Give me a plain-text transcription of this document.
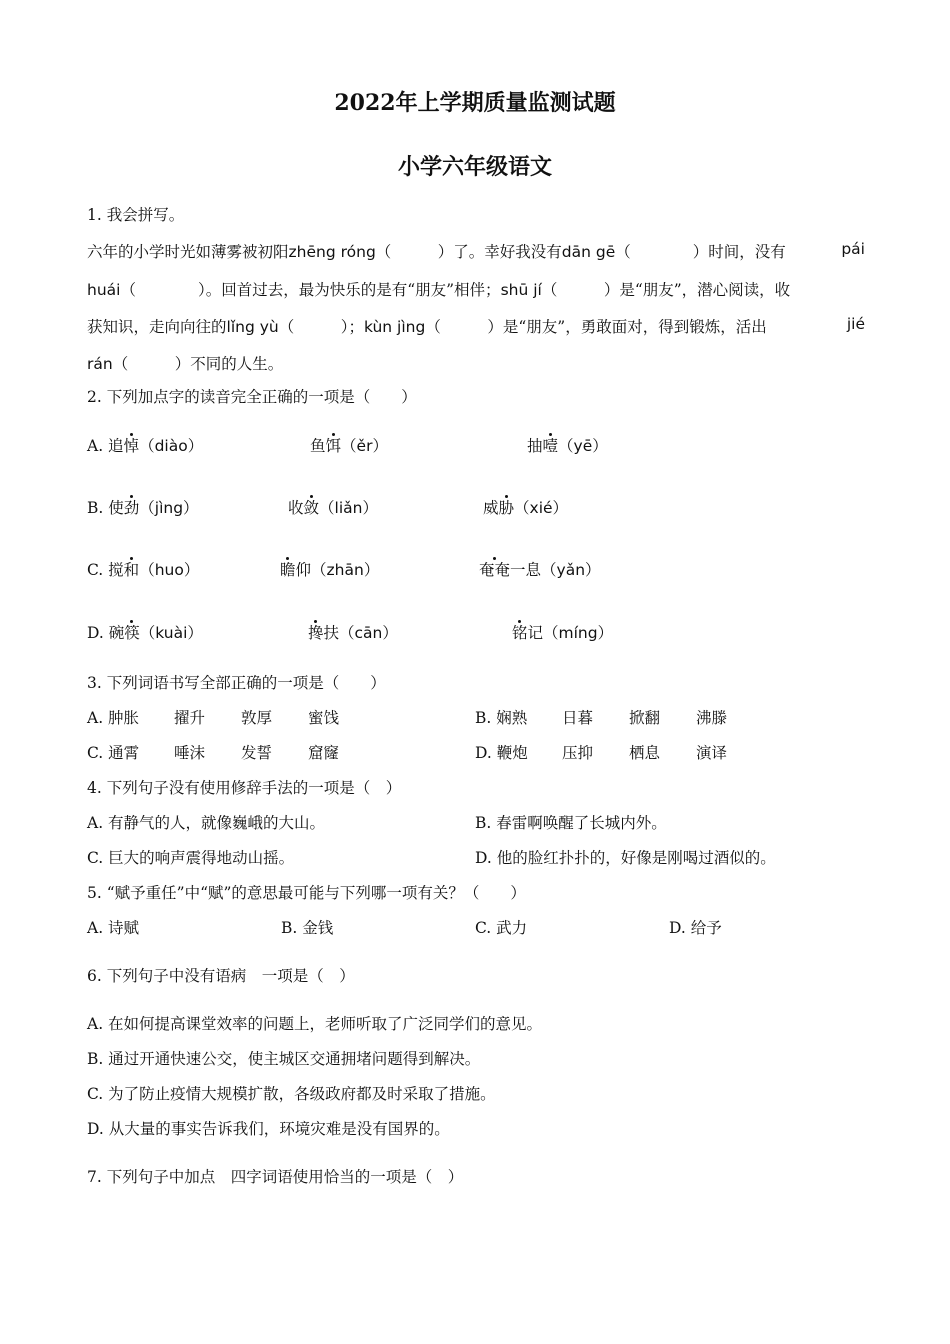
2022年上学期质量监测试题
小学六年级语文
1. 我会拼写。
六年的小学时光如薄雾被初阳zhēng róng（　　　）了。幸好我没有dān gē（　　　　）时间，没有	pái
huái（　　　　）。回首过去，最为快乐的是有“朋友”相伴；shū jí（　　　）是“朋友”，潜心阅读，收
获知识，走向向往的lǐng yù（　　　）；kùn jìng（　　　）是“朋友”，勇敢面对，得到锻炼，活出	jié
rán（　　　）不同的人生。
2. 下列加点字的读音完全正确的一项是（　　）
A. 追悼（diào）	鱼饵（ěr）	抽噎（yē）
B. 使劲（jìng）	收敛（liǎn）	威胁（xié）
C. 搅和（huo）	瞻仰（zhān）	奄奄一息（yǎn）
D. 碗筷（kuài）	搀扶（cān）	铭记（míng）
3. 下列词语书写全部正确的一项是（　　）
A. 肿胀 擢升 敦厚 蜜饯	B. 娴熟 日暮 掀翻 沸滕
C. 通霄 唾沫 发誓 窟窿	D. 鞭炮 压抑 栖息 演译
4. 下列句子没有使用修辞手法的一项是（　）
A. 有静气的人，就像巍峨的大山。	B. 春雷啊唤醒了长城内外。
C. 巨大的响声震得地动山摇。	D. 他的脸红扑扑的，好像是刚喝过酒似的。
5. “赋予重任”中“赋”的意思最可能与下列哪一项有关？（　　）
A. 诗赋	B. 金钱	C. 武力	D. 给予
6. 下列句子中没有语病　一项是（　）
A. 在如何提高课堂效率的问题上，老师听取了广泛同学们的意见。
B. 通过开通快速公交，使主城区交通拥堵问题得到解决。
C. 为了防止疫情大规模扩散，各级政府都及时采取了措施。
D. 从大量的事实告诉我们，环境灾难是没有国界的。
7. 下列句子中加点　四字词语使用恰当的一项是（　）
